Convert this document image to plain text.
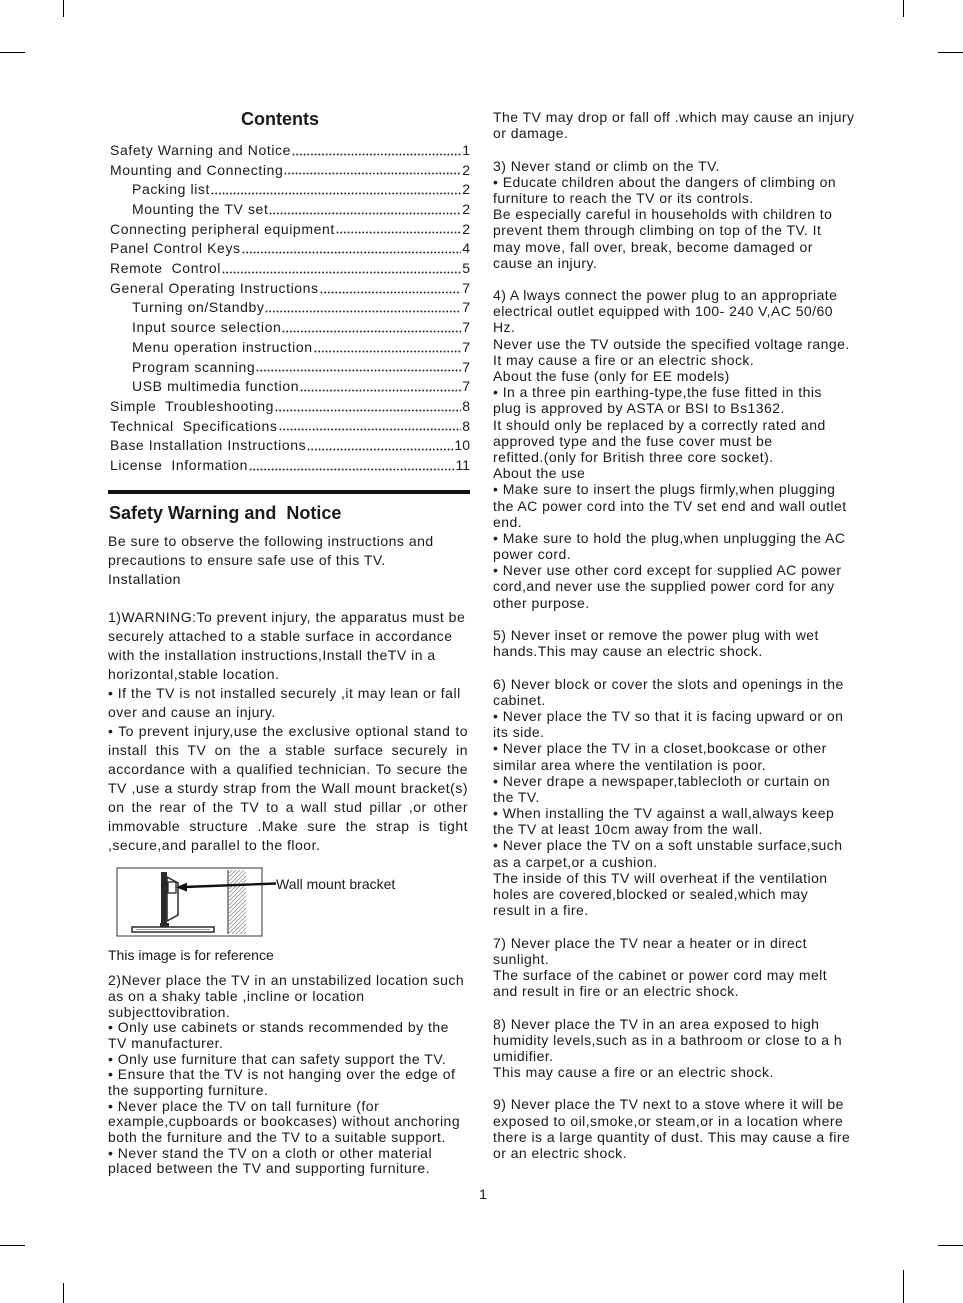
Contents
Safety Warning and Notice	1
Mounting and Connecting	2
Packing list	2
Mounting the TV set	2
Connecting peripheral equipment	2
Panel Control Keys	4
Remote  Control	5
General Operating Instructions	7
Turning on/Standby	7
Input source selection	7
Menu operation instruction	7
Program scanning	7
USB multimedia function	7
Simple  Troubleshooting	8
Technical  Specifications	8
Base Installation Instructions	10
License  Information	11
Safety Warning and  Notice
Be sure to observe the following instructions and
precautions to ensure safe use of this TV.
Installation
1)WARNING:To prevent injury, the apparatus must be
securely attached to a stable surface in accordance
with the installation instructions,Install theTV in a
horizontal,stable location.
• If the TV is not installed securely ,it may lean or fall
over and cause an injury.
• To prevent injury,use the exclusive optional stand to
install this TV on the a stable surface securely in
accordance with a qualified technician. To secure the
TV ,use a sturdy strap from the Wall mount bracket(s)
on the rear of the TV to a wall stud pillar ,or other
immovable structure .Make sure the strap is tight
,secure,and parallel to the floor.
Wall mount bracket
This image is for reference
2)Never place the TV in an unstabilized location such
as on a shaky table ,incline or location
subjecttovibration.
• Only use cabinets or stands recommended by the
TV manufacturer.
• Only use furniture that can safety support the TV.
• Ensure that the TV is not hanging over the edge of
the supporting furniture.
• Never place the TV on tall furniture (for
example,cupboards or bookcases) without anchoring
both the furniture and the TV to a suitable support.
• Never stand the TV on a cloth or other material
placed between the TV and supporting furniture.
The TV may drop or fall off .which may cause an injury
or damage.
3) Never stand or climb on the TV.
• Educate children about the dangers of climbing on
furniture to reach the TV or its controls.
Be especially careful in households with children to
prevent them through climbing on top of the TV. It
may move, fall over, break, become damaged or
cause an injury.
4) A lways connect the power plug to an appropriate
electrical outlet equipped with 100- 240 V,AC 50/60
Hz.
Never use the TV outside the specified voltage range.
It may cause a fire or an electric shock.
About the fuse (only for EE models)
• In a three pin earthing-type,the fuse fitted in this
plug is approved by ASTA or BSI to Bs1362.
It should only be replaced by a correctly rated and
approved type and the fuse cover must be
refitted.(only for British three core socket).
About the use
• Make sure to insert the plugs firmly,when plugging
the AC power cord into the TV set end and wall outlet
end.
• Make sure to hold the plug,when unplugging the AC
power cord.
• Never use other cord except for supplied AC power
cord,and never use the supplied power cord for any
other purpose.
5) Never inset or remove the power plug with wet
hands.This may cause an electric shock.
6) Never block or cover the slots and openings in the
cabinet.
• Never place the TV so that it is facing upward or on
its side.
• Never place the TV in a closet,bookcase or other
similar area where the ventilation is poor.
• Never drape a newspaper,tablecloth or curtain on
the TV.
• When installing the TV against a wall,always keep
the TV at least 10cm away from the wall.
• Never place the TV on a soft unstable surface,such
as a carpet,or a cushion.
The inside of this TV will overheat if the ventilation
holes are covered,blocked or sealed,which may
result in a fire.
7) Never place the TV near a heater or in direct
sunlight.
The surface of the cabinet or power cord may melt
and result in fire or an electric shock.
8) Never place the TV in an area exposed to high
humidity levels,such as in a bathroom or close to a h
umidifier.
This may cause a fire or an electric shock.
9) Never place the TV next to a stove where it will be
exposed to oil,smoke,or steam,or in a location where
there is a large quantity of dust. This may cause a fire
or an electric shock.
1
